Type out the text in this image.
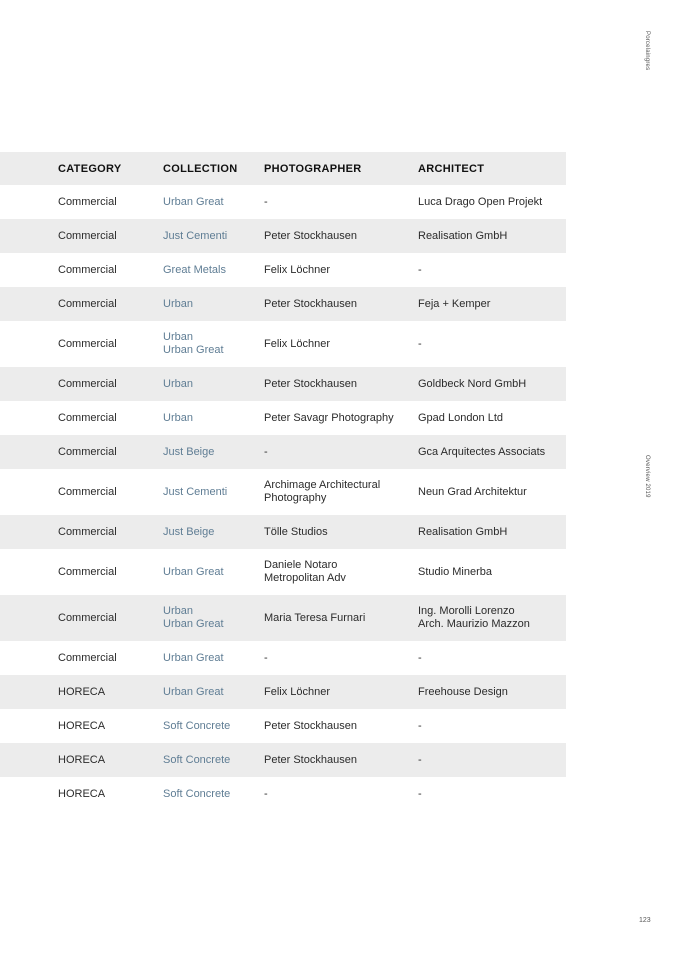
Porcelaingres
Overview 2019
	CATEGORY	COLLECTION	PHOTOGRAPHER	ARCHITECT
	Commercial	Urban Great	-	Luca Drago Open Projekt

	Commercial	Just Cementi	Peter Stockhausen	Realisation GmbH

	Commercial	Great Metals	Felix Löchner	-

	Commercial	Urban	Peter Stockhausen	Feja + Kemper

	Commercial	Urban
Urban Great	Felix Löchner	-

	Commercial	Urban	Peter Stockhausen	Goldbeck Nord GmbH

	Commercial	Urban	Peter Savagr Photography	Gpad London Ltd

	Commercial	Just Beige	-	Gca Arquitectes Associats

	Commercial	Just Cementi	Archimage Architectural
Photography	Neun Grad Architektur

	Commercial	Just Beige	Tölle Studios	Realisation GmbH

	Commercial	Urban Great	Daniele Notaro
Metropolitan Adv	Studio Minerba

	Commercial	Urban
Urban Great	Maria Teresa Furnari	Ing. Morolli Lorenzo
Arch. Maurizio Mazzon

	Commercial	Urban Great	-	-

	HORECA	Urban Great	Felix Löchner	Freehouse Design

	HORECA	Soft Concrete	Peter Stockhausen	-

	HORECA	Soft Concrete	Peter Stockhausen	-

	HORECA	Soft Concrete	-	-
123
